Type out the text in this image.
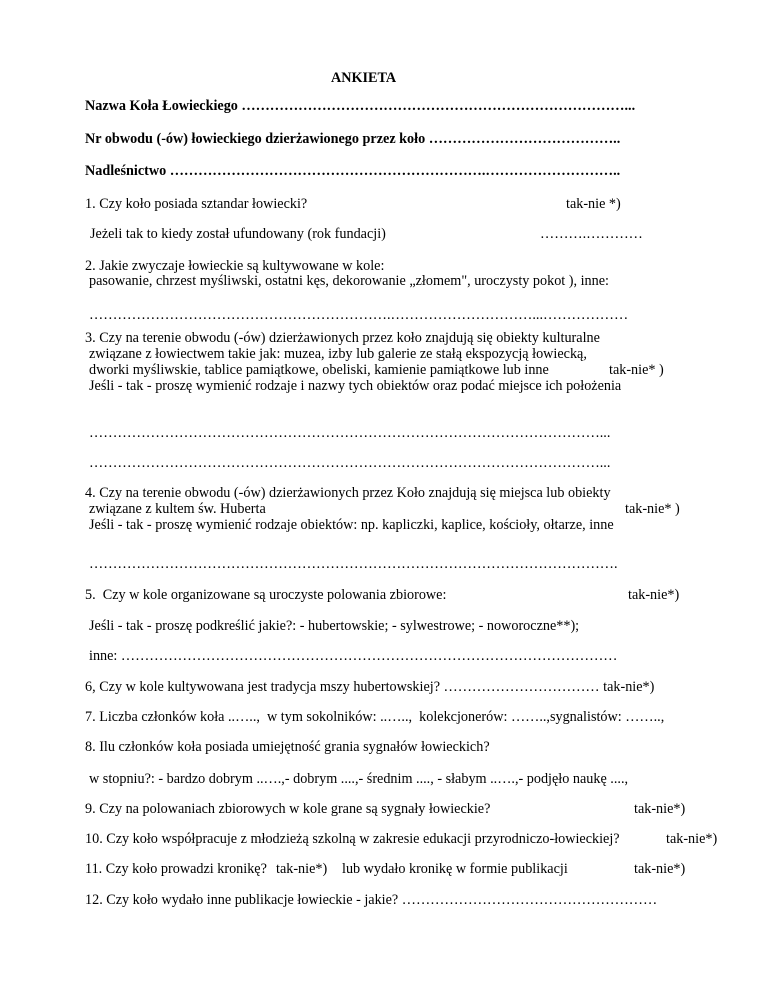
ANKIETA
Nazwa Koła Łowieckiego ………………………………………………………………………...
Nr obwodu (-ów) łowieckiego dzierżawionego przez koło …………………………………..
Nadleśnictwo ………………………………………………………….………………………..
1. Czy koło posiada sztandar łowiecki?	tak-nie *)
Jeżeli tak to kiedy został ufundowany (rok fundacji)	……….…………
2. Jakie zwyczaje łowieckie są kultywowane w kole:
pasowanie, chrzest myśliwski, ostatni kęs, dekorowanie „złomem", uroczysty pokot ), inne:
……………………………………………………….…………………………...………………
3. Czy na terenie obwodu (-ów) dzierżawionych przez koło znajdują się obiekty kulturalne
związane z łowiectwem takie jak: muzea, izby lub galerie ze stałą ekspozycją łowiecką,
dworki myśliwskie, tablice pamiątkowe, obeliski, kamienie pamiątkowe lub inne	tak-nie* )
Jeśli - tak - proszę wymienić rodzaje i nazwy tych obiektów oraz podać miejsce ich położenia
………………………………………………………………………………………………...
………………………………………………………………………………………………...
4. Czy na terenie obwodu (-ów) dzierżawionych przez Koło znajdują się miejsca lub obiekty
związane z kultem św. Huberta	tak-nie* )
Jeśli - tak - proszę wymienić rodzaje obiektów: np. kapliczki, kaplice, kościoły, ołtarze, inne
………………………………………………………………………………………………….
5.  Czy w kole organizowane są uroczyste polowania zbiorowe:	tak-nie*)
Jeśli - tak - proszę podkreślić jakie?: - hubertowskie; - sylwestrowe; - noworoczne**);
inne: ……………………………………………………………………………………………
6, Czy w kole kultywowana jest tradycja mszy hubertowskiej? …………………………… tak-nie*)
7. Liczba członków koła ..…..,  w tym sokolników: ..…..,  kolekcjonerów: ……..,sygnalistów: ……..,
8. Ilu członków koła posiada umiejętność grania sygnałów łowieckich?
w stopniu?: - bardzo dobrym ..….,- dobrym ....,- średnim ...., - słabym ..….,- podjęło naukę ....,
9. Czy na polowaniach zbiorowych w kole grane są sygnały łowieckie?	tak-nie*)
10. Czy koło współpracuje z młodzieżą szkolną w zakresie edukacji przyrodniczo-łowieckiej?	tak-nie*)
11. Czy koło prowadzi kronikę? tak-nie*) lub wydało kronikę w formie publikacji	tak-nie*)
12. Czy koło wydało inne publikacje łowieckie - jakie? ………………………………………………
